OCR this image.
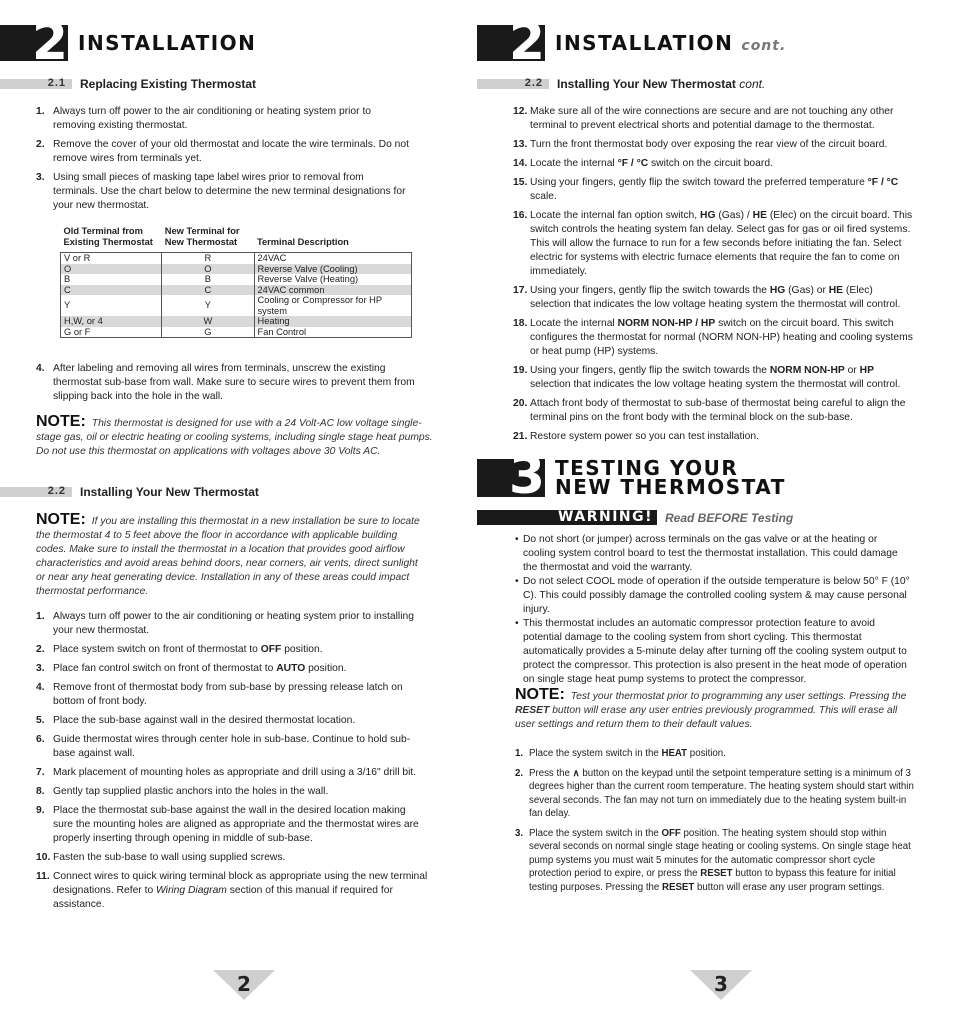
2 INSTALLATION
2.1 Replacing Existing Thermostat
1. Always turn off power to the air conditioning or heating system prior to removing existing thermostat.
2. Remove the cover of your old thermostat and locate the wire terminals. Do not remove wires from terminals yet.
3. Using small pieces of masking tape label wires prior to removal from terminals. Use the chart below to determine the new terminal designations for your new thermostat.
Old Terminal from Existing Thermostat	New Terminal for New Thermostat	Terminal Description
V or R	R	24VAC
O	O	Reverse Valve (Cooling)
B	B	Reverse Valve (Heating)
C	C	24VAC common
Y	Y	Cooling or Compressor for HP system
H,W, or 4	W	Heating
G or F	G	Fan Control
4. After labeling and removing all wires from terminals, unscrew the existing thermostat sub-base from wall. Make sure to secure wires to prevent them from slipping back into the hole in the wall.
NOTE: This thermostat is designed for use with a 24 Volt-AC low voltage single-stage gas, oil or electric heating or cooling systems, including single stage heat pumps. Do not use this thermostat on applications with voltages above 30 Volts AC.
2.2 Installing Your New Thermostat
NOTE: If you are installing this thermostat in a new installation be sure to locate the thermostat 4 to 5 feet above the floor in accordance with applicable building codes. Make sure to install the thermostat in a location that provides good airflow characteristics and avoid areas behind doors, near corners, air vents, direct sunlight or near any heat generating device. Installation in any of these areas could impact thermostat performance.
1. Always turn off power to the air conditioning or heating system prior to installing your new thermostat.
2. Place system switch on front of thermostat to OFF position.
3. Place fan control switch on front of thermostat to AUTO position.
4. Remove front of thermostat body from sub-base by pressing release latch on bottom of front body.
5. Place the sub-base against wall in the desired thermostat location.
6. Guide thermostat wires through center hole in sub-base. Continue to hold sub-base against wall.
7. Mark placement of mounting holes as appropriate and drill using a 3/16" drill bit.
8. Gently tap supplied plastic anchors into the holes in the wall.
9. Place the thermostat sub-base against the wall in the desired location making sure the mounting holes are aligned as appropriate and the thermostat wires are properly inserting through opening in middle of sub-base.
10. Fasten the sub-base to wall using supplied screws.
11. Connect wires to quick wiring terminal block as appropriate using the new terminal designations. Refer to Wiring Diagram section of this manual if required for assistance.
2
2 INSTALLATION cont.
2.2 Installing Your New Thermostat cont.
12. Make sure all of the wire connections are secure and are not touching any other terminal to prevent electrical shorts and potential damage to the thermostat.
13. Turn the front thermostat body over exposing the rear view of the circuit board.
14. Locate the internal °F / °C switch on the circuit board.
15. Using your fingers, gently flip the switch toward the preferred temperature °F / °C scale.
16. Locate the internal fan option switch, HG (Gas) / HE (Elec) on the circuit board. This switch controls the heating system fan delay. Select gas for gas or oil fired systems. This will allow the furnace to run for a few seconds before initiating the fan. Select electric for systems with electric furnace elements that require the fan to come on immediately.
17. Using your fingers, gently flip the switch towards the HG (Gas) or HE (Elec) selection that indicates the low voltage heating system the thermostat will control.
18. Locate the internal NORM NON-HP / HP switch on the circuit board. This switch configures the thermostat for normal (NORM NON-HP) heating and cooling systems or heat pump (HP) systems.
19. Using your fingers, gently flip the switch towards the NORM NON-HP or HP selection that indicates the low voltage heating system the thermostat will control.
20. Attach front body of thermostat to sub-base of thermostat being careful to align the terminal pins on the front body with the terminal block on the sub-base.
21. Restore system power so you can test installation.
3 TESTING YOUR
NEW THERMOSTAT
WARNING!	Read BEFORE Testing
• Do not short (or jumper) across terminals on the gas valve or at the heating or cooling system control board to test the thermostat installation. This could damage the thermostat and void the warranty.
• Do not select COOL mode of operation if the outside temperature is below 50° F (10° C). This could possibly damage the controlled cooling system & may cause personal injury.
• This thermostat includes an automatic compressor protection feature to avoid potential damage to the cooling system from short cycling. This thermostat automatically provides a 5-minute delay after turning off the cooling system output to protect the compressor. This protection is also present in the heat mode of operation on single stage heat pump systems to protect the compressor.
NOTE: Test your thermostat prior to programming any user settings. Pressing the RESET button will erase any user entries previously programmed. This will erase all user settings and return them to their default values.
1. Place the system switch in the HEAT position.
2. Press the ∧ button on the keypad until the setpoint temperature setting is a minimum of 3 degrees higher than the current room temperature. The heating system should start within several seconds. The fan may not turn on immediately due to the heating system built-in fan delay.
3. Place the system switch in the OFF position. The heating system should stop within several seconds on normal single stage heating or cooling systems. On single stage heat pump systems you must wait 5 minutes for the automatic compressor short cycle protection period to expire, or press the RESET button to bypass this feature for initial testing purposes. Pressing the RESET button will erase any user program settings.
3
